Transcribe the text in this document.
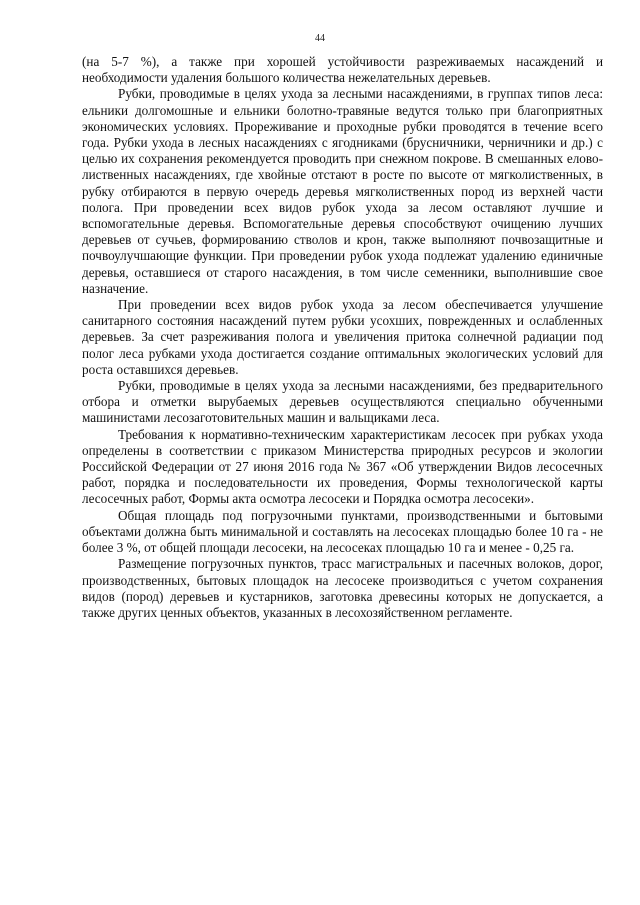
44

(на 5-7 %), а также при хорошей устойчивости разреживаемых насаждений и необходимости удаления большого количества нежелательных деревьев.

Рубки, проводимые в целях ухода за лесными насаждениями, в группах типов леса: ельники долгомошные и ельники болотно-травяные ведутся только при благоприятных экономических условиях. Прореживание и проходные рубки проводятся в течение всего года. Рубки ухода в лесных насаждениях с ягодниками (брусничники, черничники и др.) с целью их сохранения рекомендуется проводить при снежном покрове. В смешанных елово-лиственных насаждениях, где хвойные отстают в росте по высоте от мягколиственных, в рубку отбираются в первую очередь деревья мягколиственных пород из верхней части полога. При проведении всех видов рубок ухода за лесом оставляют лучшие и вспомогательные деревья. Вспомогательные деревья способствуют очищению лучших деревьев от сучьев, формированию стволов и крон, также выполняют почвозащитные и почвоулучшающие функции. При проведении рубок ухода подлежат удалению единичные деревья, оставшиеся от старого насаждения, в том числе семенники, выполнившие свое назначение.

При проведении всех видов рубок ухода за лесом обеспечивается улучшение санитарного состояния насаждений путем рубки усохших, поврежденных и ослабленных деревьев. За счет разреживания полога и увеличения притока солнечной радиации под полог леса рубками ухода достигается создание оптимальных экологических условий для роста оставшихся деревьев.

Рубки, проводимые в целях ухода за лесными насаждениями, без предварительного отбора и отметки вырубаемых деревьев осуществляются специально обученными машинистами лесозаготовительных машин и вальщиками леса.

Требования к нормативно-техническим характеристикам лесосек при рубках ухода определены в соответствии с приказом Министерства природных ресурсов и экологии Российской Федерации от 27 июня 2016 года № 367 «Об утверждении Видов лесосечных работ, порядка и последовательности их проведения, Формы технологической карты лесосечных работ, Формы акта осмотра лесосеки и Порядка осмотра лесосеки».

Общая площадь под погрузочными пунктами, производственными и бытовыми объектами должна быть минимальной и составлять на лесосеках площадью более 10 га - не более 3 %, от общей площади лесосеки, на лесосеках площадью 10 га и менее - 0,25 га.

Размещение погрузочных пунктов, трасс магистральных и пасечных волоков, дорог, производственных, бытовых площадок на лесосеке производиться с учетом сохранения видов (пород) деревьев и кустарников, заготовка древесины которых не допускается, а также других ценных объектов, указанных в лесохозяйственном регламенте.
